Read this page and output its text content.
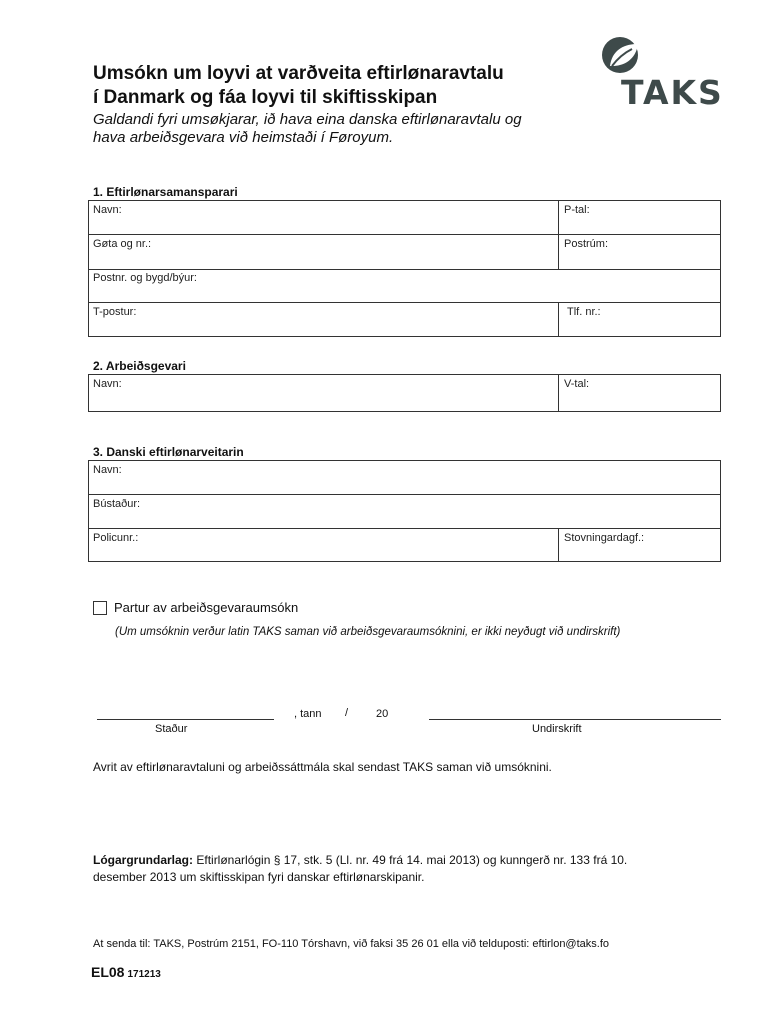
Umsókn um loyvi at varðveita eftirlønaravtalu
í Danmark og fáa loyvi til skiftisskipan
Galdandi fyri umsøkjarar, ið hava eina danska eftirlønaravtalu og
hava arbeiðsgevara við heimstaði í Føroyum.
TAKS
1. Eftirlønarsamansparari
Navn:	P-tal:
Gøta og nr.:	Postrúm:
Postnr. og bygd/býur:
T-postur:	Tlf. nr.:
2. Arbeiðsgevari
Navn:	V-tal:
3. Danski eftirlønarveitarin
Navn:
Bústaður:
Policunr.:	Stovningardagf.:
Partur av arbeiðsgevaraumsókn
(Um umsóknin verður latin TAKS saman við arbeiðsgevaraumsóknini, er ikki neyðugt við undirskrift)
, tann /	20
Staður	Undirskrift
Avrit av eftirlønaravtaluni og arbeiðssáttmála skal sendast TAKS saman við umsóknini.
Lógargrundarlag: Eftirlønarlógin § 17, stk. 5 (Ll. nr. 49 frá 14. mai 2013) og kunngerð nr. 133 frá 10.
desember 2013 um skiftisskipan fyri danskar eftirlønarskipanir.
At senda til: TAKS, Postrúm 2151, FO-110 Tórshavn, við faksi 35 26 01 ella við telduposti: eftirlon@taks.fo
EL08 171213
